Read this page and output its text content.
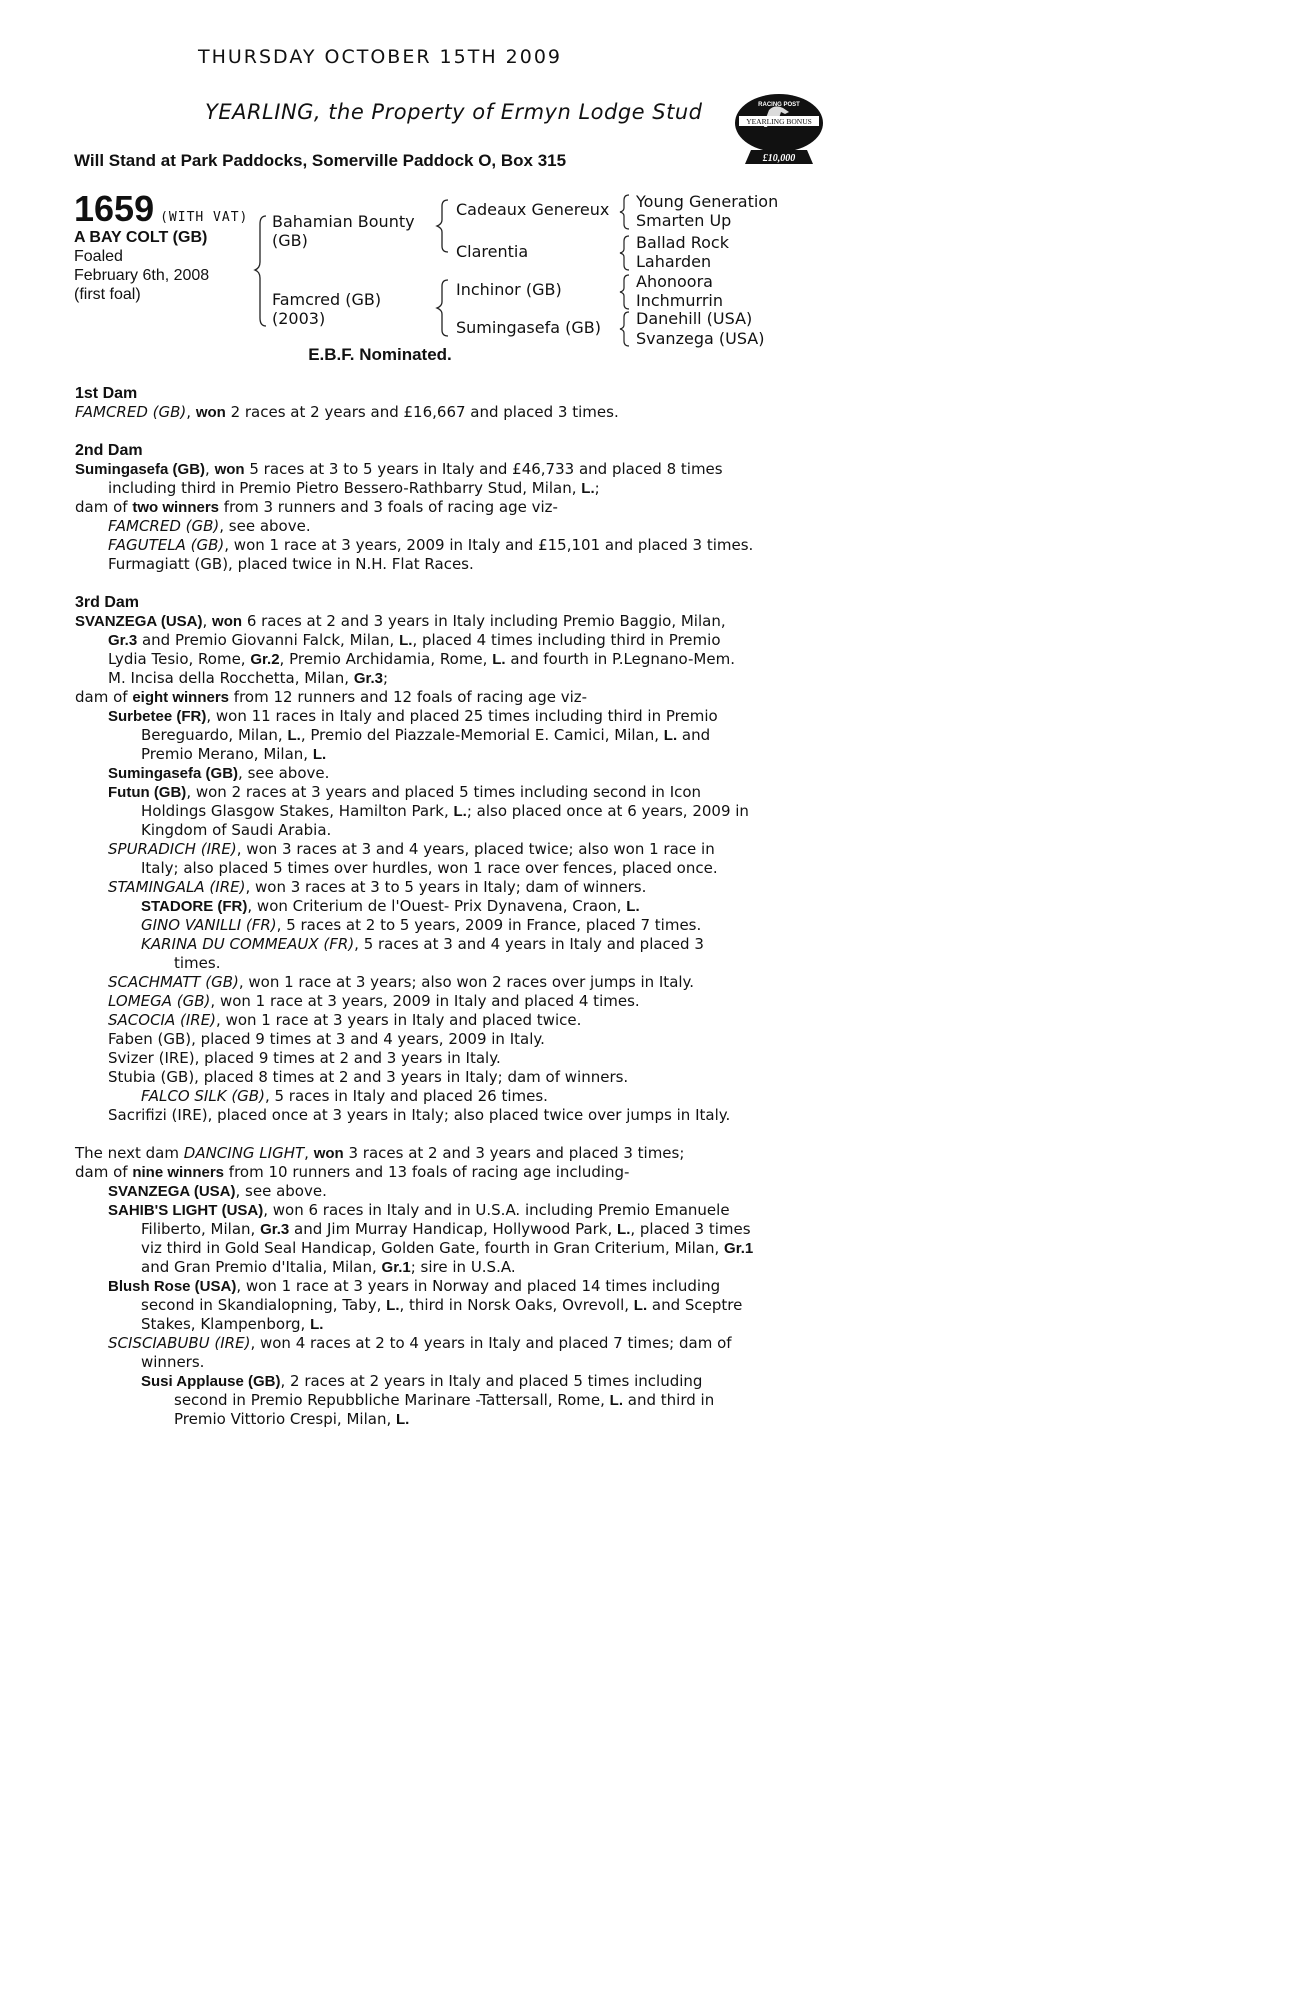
THURSDAY OCTOBER 15TH 2009
YEARLING, the Property of Ermyn Lodge Stud
Will Stand at Park Paddocks, Somerville Paddock O, Box 315
RACING POST
YEARLING BONUS
£10,000
1659 (WITH VAT)
A BAY COLT (GB)
Foaled
February 6th, 2008
(first foal)
Bahamian Bounty
(GB)
Famcred (GB)
(2003)
Cadeaux Genereux
Clarentia
Inchinor (GB)
Sumingasefa (GB)
Young Generation
Smarten Up
Ballad Rock
Laharden
Ahonoora
Inchmurrin
Danehill (USA)
Svanzega (USA)
E.B.F. Nominated.

1st Dam

FAMCRED (GB), won 2 races at 2 years and £16,667 and placed 3 times.

2nd Dam

Sumingasefa (GB), won 5 races at 3 to 5 years in Italy and £46,733 and placed 8 times including third in Premio Pietro Bessero-Rathbarry Stud, Milan, L.;

dam of two winners from 3 runners and 3 foals of racing age viz-

FAMCRED (GB), see above.

FAGUTELA (GB), won 1 race at 3 years, 2009 in Italy and £15,101 and placed 3 times.

Furmagiatt (GB), placed twice in N.H. Flat Races.

3rd Dam

SVANZEGA (USA), won 6 races at 2 and 3 years in Italy including Premio Baggio, Milan, Gr.3 and Premio Giovanni Falck, Milan, L., placed 4 times including third in Premio Lydia Tesio, Rome, Gr.2, Premio Archidamia, Rome, L. and fourth in P.Legnano-Mem. M. Incisa della Rocchetta, Milan, Gr.3;

dam of eight winners from 12 runners and 12 foals of racing age viz-

Surbetee (FR), won 11 races in Italy and placed 25 times including third in Premio Bereguardo, Milan, L., Premio del Piazzale-Memorial E. Camici, Milan, L. and Premio Merano, Milan, L.

Sumingasefa (GB), see above.

Futun (GB), won 2 races at 3 years and placed 5 times including second in Icon Holdings Glasgow Stakes, Hamilton Park, L.; also placed once at 6 years, 2009 in Kingdom of Saudi Arabia.

SPURADICH (IRE), won 3 races at 3 and 4 years, placed twice; also won 1 race in Italy; also placed 5 times over hurdles, won 1 race over fences, placed once.

STAMINGALA (IRE), won 3 races at 3 to 5 years in Italy; dam of winners.

STADORE (FR), won Criterium de l'Ouest- Prix Dynavena, Craon, L.

GINO VANILLI (FR), 5 races at 2 to 5 years, 2009 in France, placed 7 times.

KARINA DU COMMEAUX (FR), 5 races at 3 and 4 years in Italy and placed 3 times.

SCACHMATT (GB), won 1 race at 3 years; also won 2 races over jumps in Italy.

LOMEGA (GB), won 1 race at 3 years, 2009 in Italy and placed 4 times.

SACOCIA (IRE), won 1 race at 3 years in Italy and placed twice.

Faben (GB), placed 9 times at 3 and 4 years, 2009 in Italy.

Svizer (IRE), placed 9 times at 2 and 3 years in Italy.

Stubia (GB), placed 8 times at 2 and 3 years in Italy; dam of winners.

FALCO SILK (GB), 5 races in Italy and placed 26 times.

Sacrifizi (IRE), placed once at 3 years in Italy; also placed twice over jumps in Italy.

The next dam DANCING LIGHT, won 3 races at 2 and 3 years and placed 3 times;

dam of nine winners from 10 runners and 13 foals of racing age including-

SVANZEGA (USA), see above.

SAHIB'S LIGHT (USA), won 6 races in Italy and in U.S.A. including Premio Emanuele Filiberto, Milan, Gr.3 and Jim Murray Handicap, Hollywood Park, L., placed 3 times viz third in Gold Seal Handicap, Golden Gate, fourth in Gran Criterium, Milan, Gr.1 and Gran Premio d'Italia, Milan, Gr.1; sire in U.S.A.

Blush Rose (USA), won 1 race at 3 years in Norway and placed 14 times including second in Skandialopning, Taby, L., third in Norsk Oaks, Ovrevoll, L. and Sceptre Stakes, Klampenborg, L.

SCISCIABUBU (IRE), won 4 races at 2 to 4 years in Italy and placed 7 times; dam of winners.

Susi Applause (GB), 2 races at 2 years in Italy and placed 5 times including second in Premio Repubbliche Marinare -Tattersall, Rome, L. and third in Premio Vittorio Crespi, Milan, L.
